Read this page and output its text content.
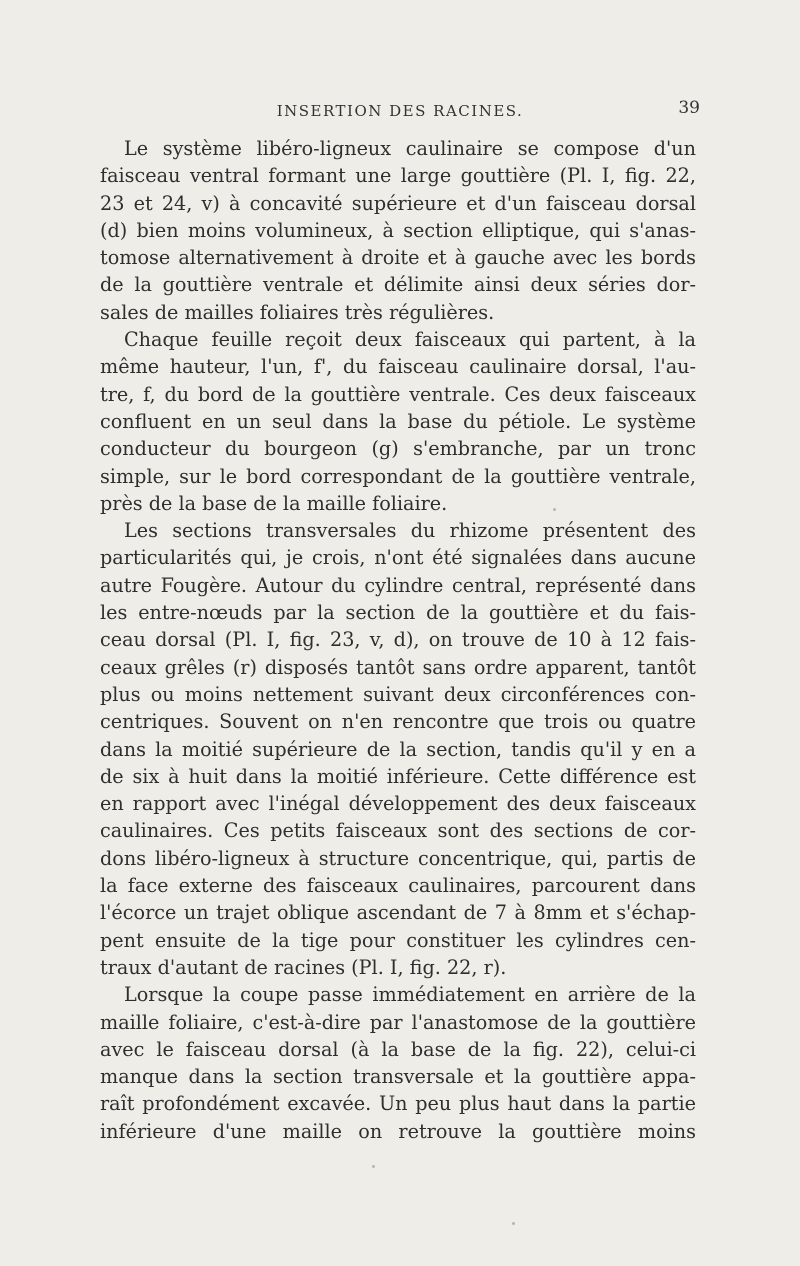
INSERTION DES RACINES.	39
Le système libéro-ligneux caulinaire se compose d'un
faisceau ventral formant une large gouttière (Pl. I, fig. 22,
23 et 24, v) à concavité supérieure et d'un faisceau dorsal
(d) bien moins volumineux, à section elliptique, qui s'anas-
tomose alternativement à droite et à gauche avec les bords
de la gouttière ventrale et délimite ainsi deux séries dor-
sales de mailles foliaires très régulières.
Chaque feuille reçoit deux faisceaux qui partent, à la
même hauteur, l'un, f', du faisceau caulinaire dorsal, l'au-
tre, f, du bord de la gouttière ventrale. Ces deux faisceaux
confluent en un seul dans la base du pétiole. Le système
conducteur du bourgeon (g) s'embranche, par un tronc
simple, sur le bord correspondant de la gouttière ventrale,
près de la base de la maille foliaire.
Les sections transversales du rhizome présentent des
particularités qui, je crois, n'ont été signalées dans aucune
autre Fougère. Autour du cylindre central, représenté dans
les entre-nœuds par la section de la gouttière et du fais-
ceau dorsal (Pl. I, fig. 23, v, d), on trouve de 10 à 12 fais-
ceaux grêles (r) disposés tantôt sans ordre apparent, tantôt
plus ou moins nettement suivant deux circonférences con-
centriques. Souvent on n'en rencontre que trois ou quatre
dans la moitié supérieure de la section, tandis qu'il y en a
de six à huit dans la moitié inférieure. Cette différence est
en rapport avec l'inégal développement des deux faisceaux
caulinaires. Ces petits faisceaux sont des sections de cor-
dons libéro-ligneux à structure concentrique, qui, partis de
la face externe des faisceaux caulinaires, parcourent dans
l'écorce un trajet oblique ascendant de 7 à 8mm et s'échap-
pent ensuite de la tige pour constituer les cylindres cen-
traux d'autant de racines (Pl. I, fig. 22, r).
Lorsque la coupe passe immédiatement en arrière de la
maille foliaire, c'est-à-dire par l'anastomose de la gouttière
avec le faisceau dorsal (à la base de la fig. 22), celui-ci
manque dans la section transversale et la gouttière appa-
raît profondément excavée. Un peu plus haut dans la partie
inférieure d'une maille on retrouve la gouttière moins
